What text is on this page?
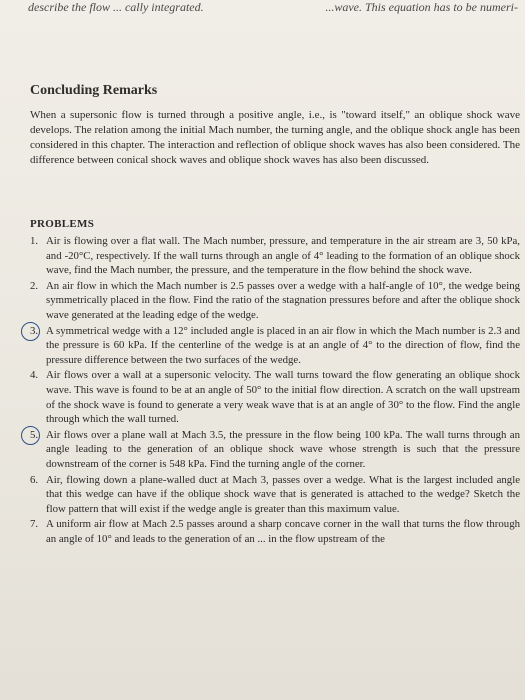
describe the flow ... cally integrated.	...wave. This equation has to be numeri-
Concluding Remarks

When a supersonic flow is turned through a positive angle, i.e., is "toward itself," an oblique shock wave develops. The relation among the initial Mach number, the turning angle, and the oblique shock angle has been considered in this chapter. The interaction and reflection of oblique shock waves has also been considered. The difference between conical shock waves and oblique shock waves has also been discussed.

PROBLEMS
1. Air is flowing over a flat wall. The Mach number, pressure, and temperature in the air stream are 3, 50 kPa, and -20°C, respectively. If the wall turns through an angle of 4° leading to the formation of an oblique shock wave, find the Mach number, the pressure, and the temperature in the flow behind the shock wave.
2. An air flow in which the Mach number is 2.5 passes over a wedge with a half-angle of 10°, the wedge being symmetrically placed in the flow. Find the ratio of the stagnation pressures before and after the oblique shock wave generated at the leading edge of the wedge.
3. A symmetrical wedge with a 12° included angle is placed in an air flow in which the Mach number is 2.3 and the pressure is 60 kPa. If the centerline of the wedge is at an angle of 4° to the direction of flow, find the pressure difference between the two surfaces of the wedge.
4. Air flows over a wall at a supersonic velocity. The wall turns toward the flow generating an oblique shock wave. This wave is found to be at an angle of 50° to the initial flow direction. A scratch on the wall upstream of the shock wave is found to generate a very weak wave that is at an angle of 30° to the flow. Find the angle through which the wall turned.
5. Air flows over a plane wall at Mach 3.5, the pressure in the flow being 100 kPa. The wall turns through an angle leading to the generation of an oblique shock wave whose strength is such that the pressure downstream of the corner is 548 kPa. Find the turning angle of the corner.
6. Air, flowing down a plane-walled duct at Mach 3, passes over a wedge. What is the largest included angle that this wedge can have if the oblique shock wave that is generated is attached to the wedge? Sketch the flow pattern that will exist if the wedge angle is greater than this maximum value.
7. A uniform air flow at Mach 2.5 passes around a sharp concave corner in the wall that turns the flow through an angle of 10° and leads to the generation of an ... in the flow upstream of the
